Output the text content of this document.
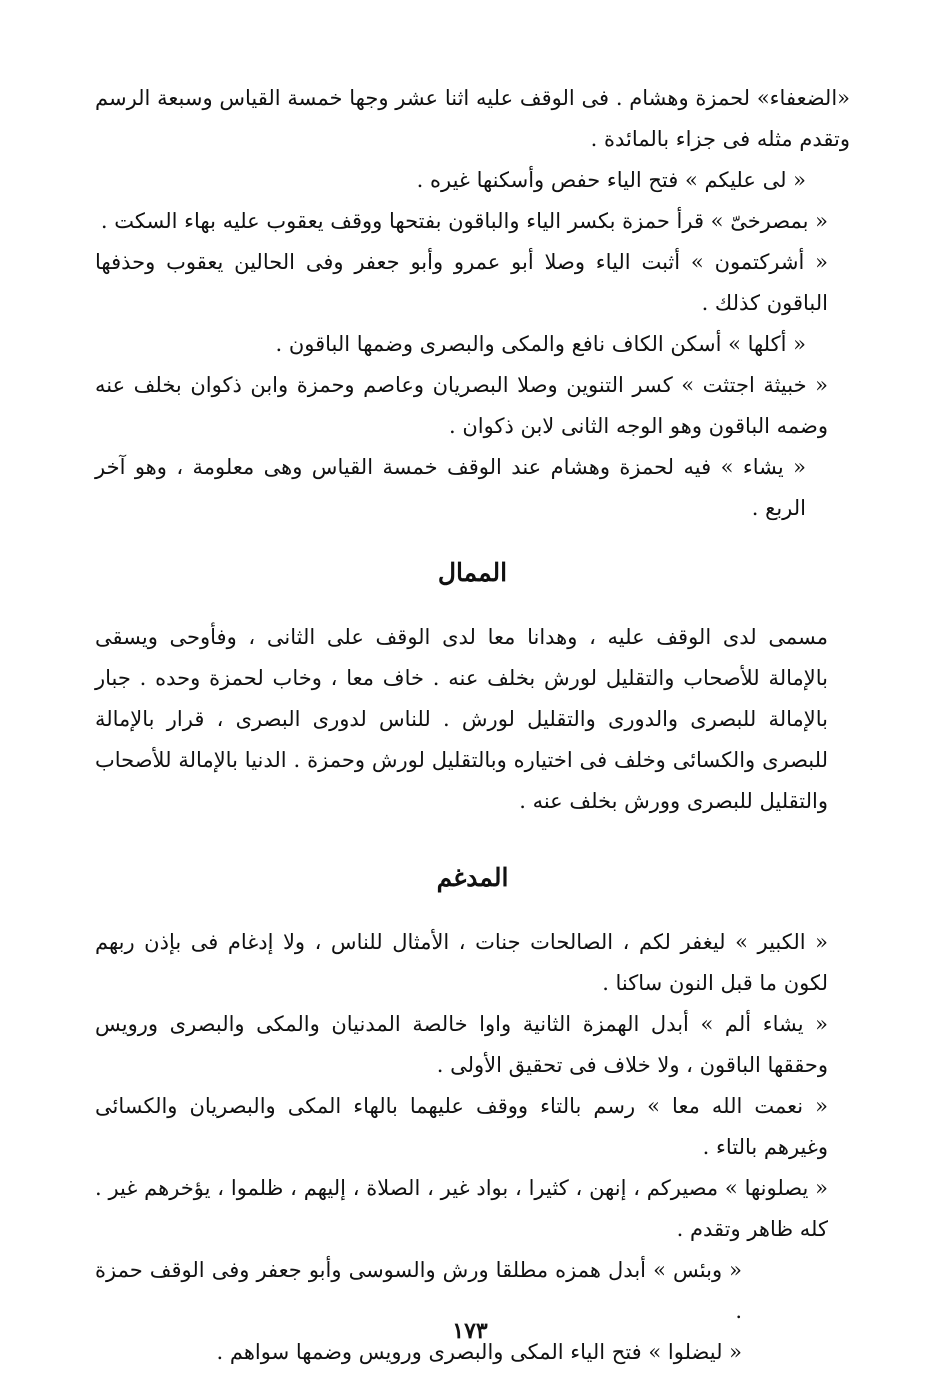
«الضعفاء» لحمزة وهشام . فى الوقف عليه اثنا عشر وجها خمسة القياس وسبعة الرسم وتقدم مثله فى جزاء بالمائدة .

« لى عليكم » فتح الياء حفص وأسكنها غيره .

« بمصرخىّ » قرأ حمزة بكسر الياء والباقون بفتحها ووقف يعقوب عليه بهاء السكت .

« أشركتمون » أثبت الياء وصلا أبو عمرو وأبو جعفر وفى الحالين يعقوب وحذفها الباقون كذلك .

« أكلها » أسكن الكاف نافع والمكى والبصرى وضمها الباقون .

« خبيثة اجتثت » كسر التنوين وصلا البصريان وعاصم وحمزة وابن ذكوان بخلف عنه وضمه الباقون وهو الوجه الثانى لابن ذكوان .

« يشاء » فيه لحمزة وهشام عند الوقف خمسة القياس وهى معلومة ، وهو آخر الربع .

الممال

مسمى لدى الوقف عليه ، وهدانا معا لدى الوقف على الثانى ، وفأوحى ويسقى بالإمالة للأصحاب والتقليل لورش بخلف عنه . خاف معا ، وخاب لحمزة وحده . جبار بالإمالة للبصرى والدورى والتقليل لورش . للناس لدورى البصرى ، قرار بالإمالة للبصرى والكسائى وخلف فى اختياره وبالتقليل لورش وحمزة . الدنيا بالإمالة للأصحاب والتقليل للبصرى وورش بخلف عنه .

المدغم

« الكبير » ليغفر لكم ، الصالحات جنات ، الأمثال للناس ، ولا إدغام فى بإذن ربهم لكون ما قبل النون ساكنا .

« يشاء ألم » أبدل الهمزة الثانية واوا خالصة المدنيان والمكى والبصرى ورويس وحققها الباقون ، ولا خلاف فى تحقيق الأولى .

« نعمت الله معا » رسم بالتاء ووقف عليهما بالهاء المكى والبصريان والكسائى وغيرهم بالتاء .

« يصلونها » مصيركم ، إنهن ، كثيرا ، بواد غير ، الصلاة ، إليهم ، ظلموا ، يؤخرهم غير . كله ظاهر وتقدم .

« وبئس » أبدل همزه مطلقا ورش والسوسى وأبو جعفر وفى الوقف حمزة .

« ليضلوا » فتح الياء المكى والبصرى ورويس وضمها سواهم .

١٧٣
